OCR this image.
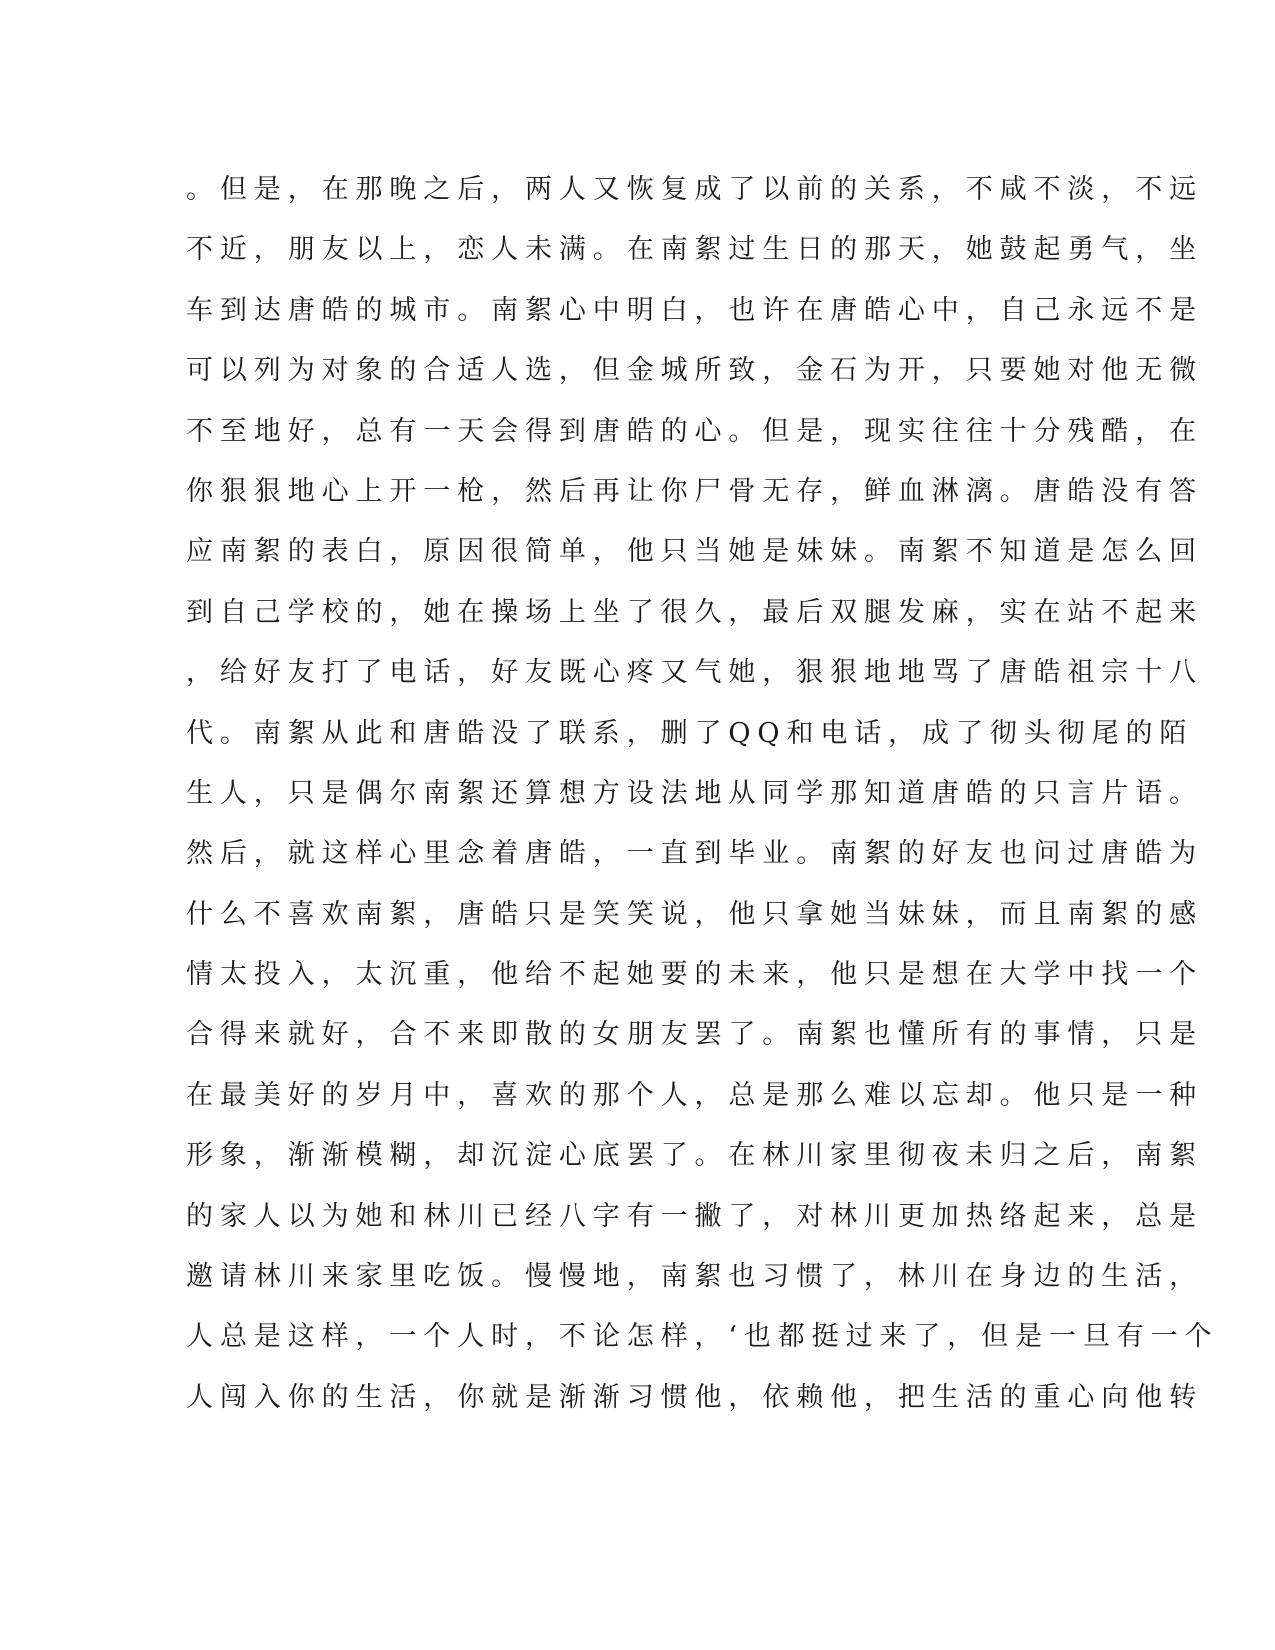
。但是，在那晚之后，两人又恢复成了以前的关系，不咸不淡，不远
不近，朋友以上，恋人未满。在南絮过生日的那天，她鼓起勇气，坐
车到达唐皓的城市。南絮心中明白，也许在唐皓心中，自己永远不是
可以列为对象的合适人选，但金城所致，金石为开，只要她对他无微
不至地好，总有一天会得到唐皓的心。但是，现实往往十分残酷，在
你狠狠地心上开一枪，然后再让你尸骨无存，鲜血淋漓。唐皓没有答
应南絮的表白，原因很简单，他只当她是妹妹。南絮不知道是怎么回
到自己学校的，她在操场上坐了很久，最后双腿发麻，实在站不起来
，给好友打了电话，好友既心疼又气她，狠狠地地骂了唐皓祖宗十八
代。南絮从此和唐皓没了联系，删了QQ和电话，成了彻头彻尾的陌
生人，只是偶尔南絮还算想方设法地从同学那知道唐皓的只言片语。
然后，就这样心里念着唐皓，一直到毕业。南絮的好友也问过唐皓为
什么不喜欢南絮，唐皓只是笑笑说，他只拿她当妹妹，而且南絮的感
情太投入，太沉重，他给不起她要的未来，他只是想在大学中找一个
合得来就好，合不来即散的女朋友罢了。南絮也懂所有的事情，只是
在最美好的岁月中，喜欢的那个人，总是那么难以忘却。他只是一种
形象，渐渐模糊，却沉淀心底罢了。在林川家里彻夜未归之后，南絮
的家人以为她和林川已经八字有一撇了，对林川更加热络起来，总是
邀请林川来家里吃饭。慢慢地，南絮也习惯了，林川在身边的生活，
人总是这样，一个人时，不论怎样，‘也都挺过来了，但是一旦有一个
人闯入你的生活，你就是渐渐习惯他，依赖他，把生活的重心向他转
